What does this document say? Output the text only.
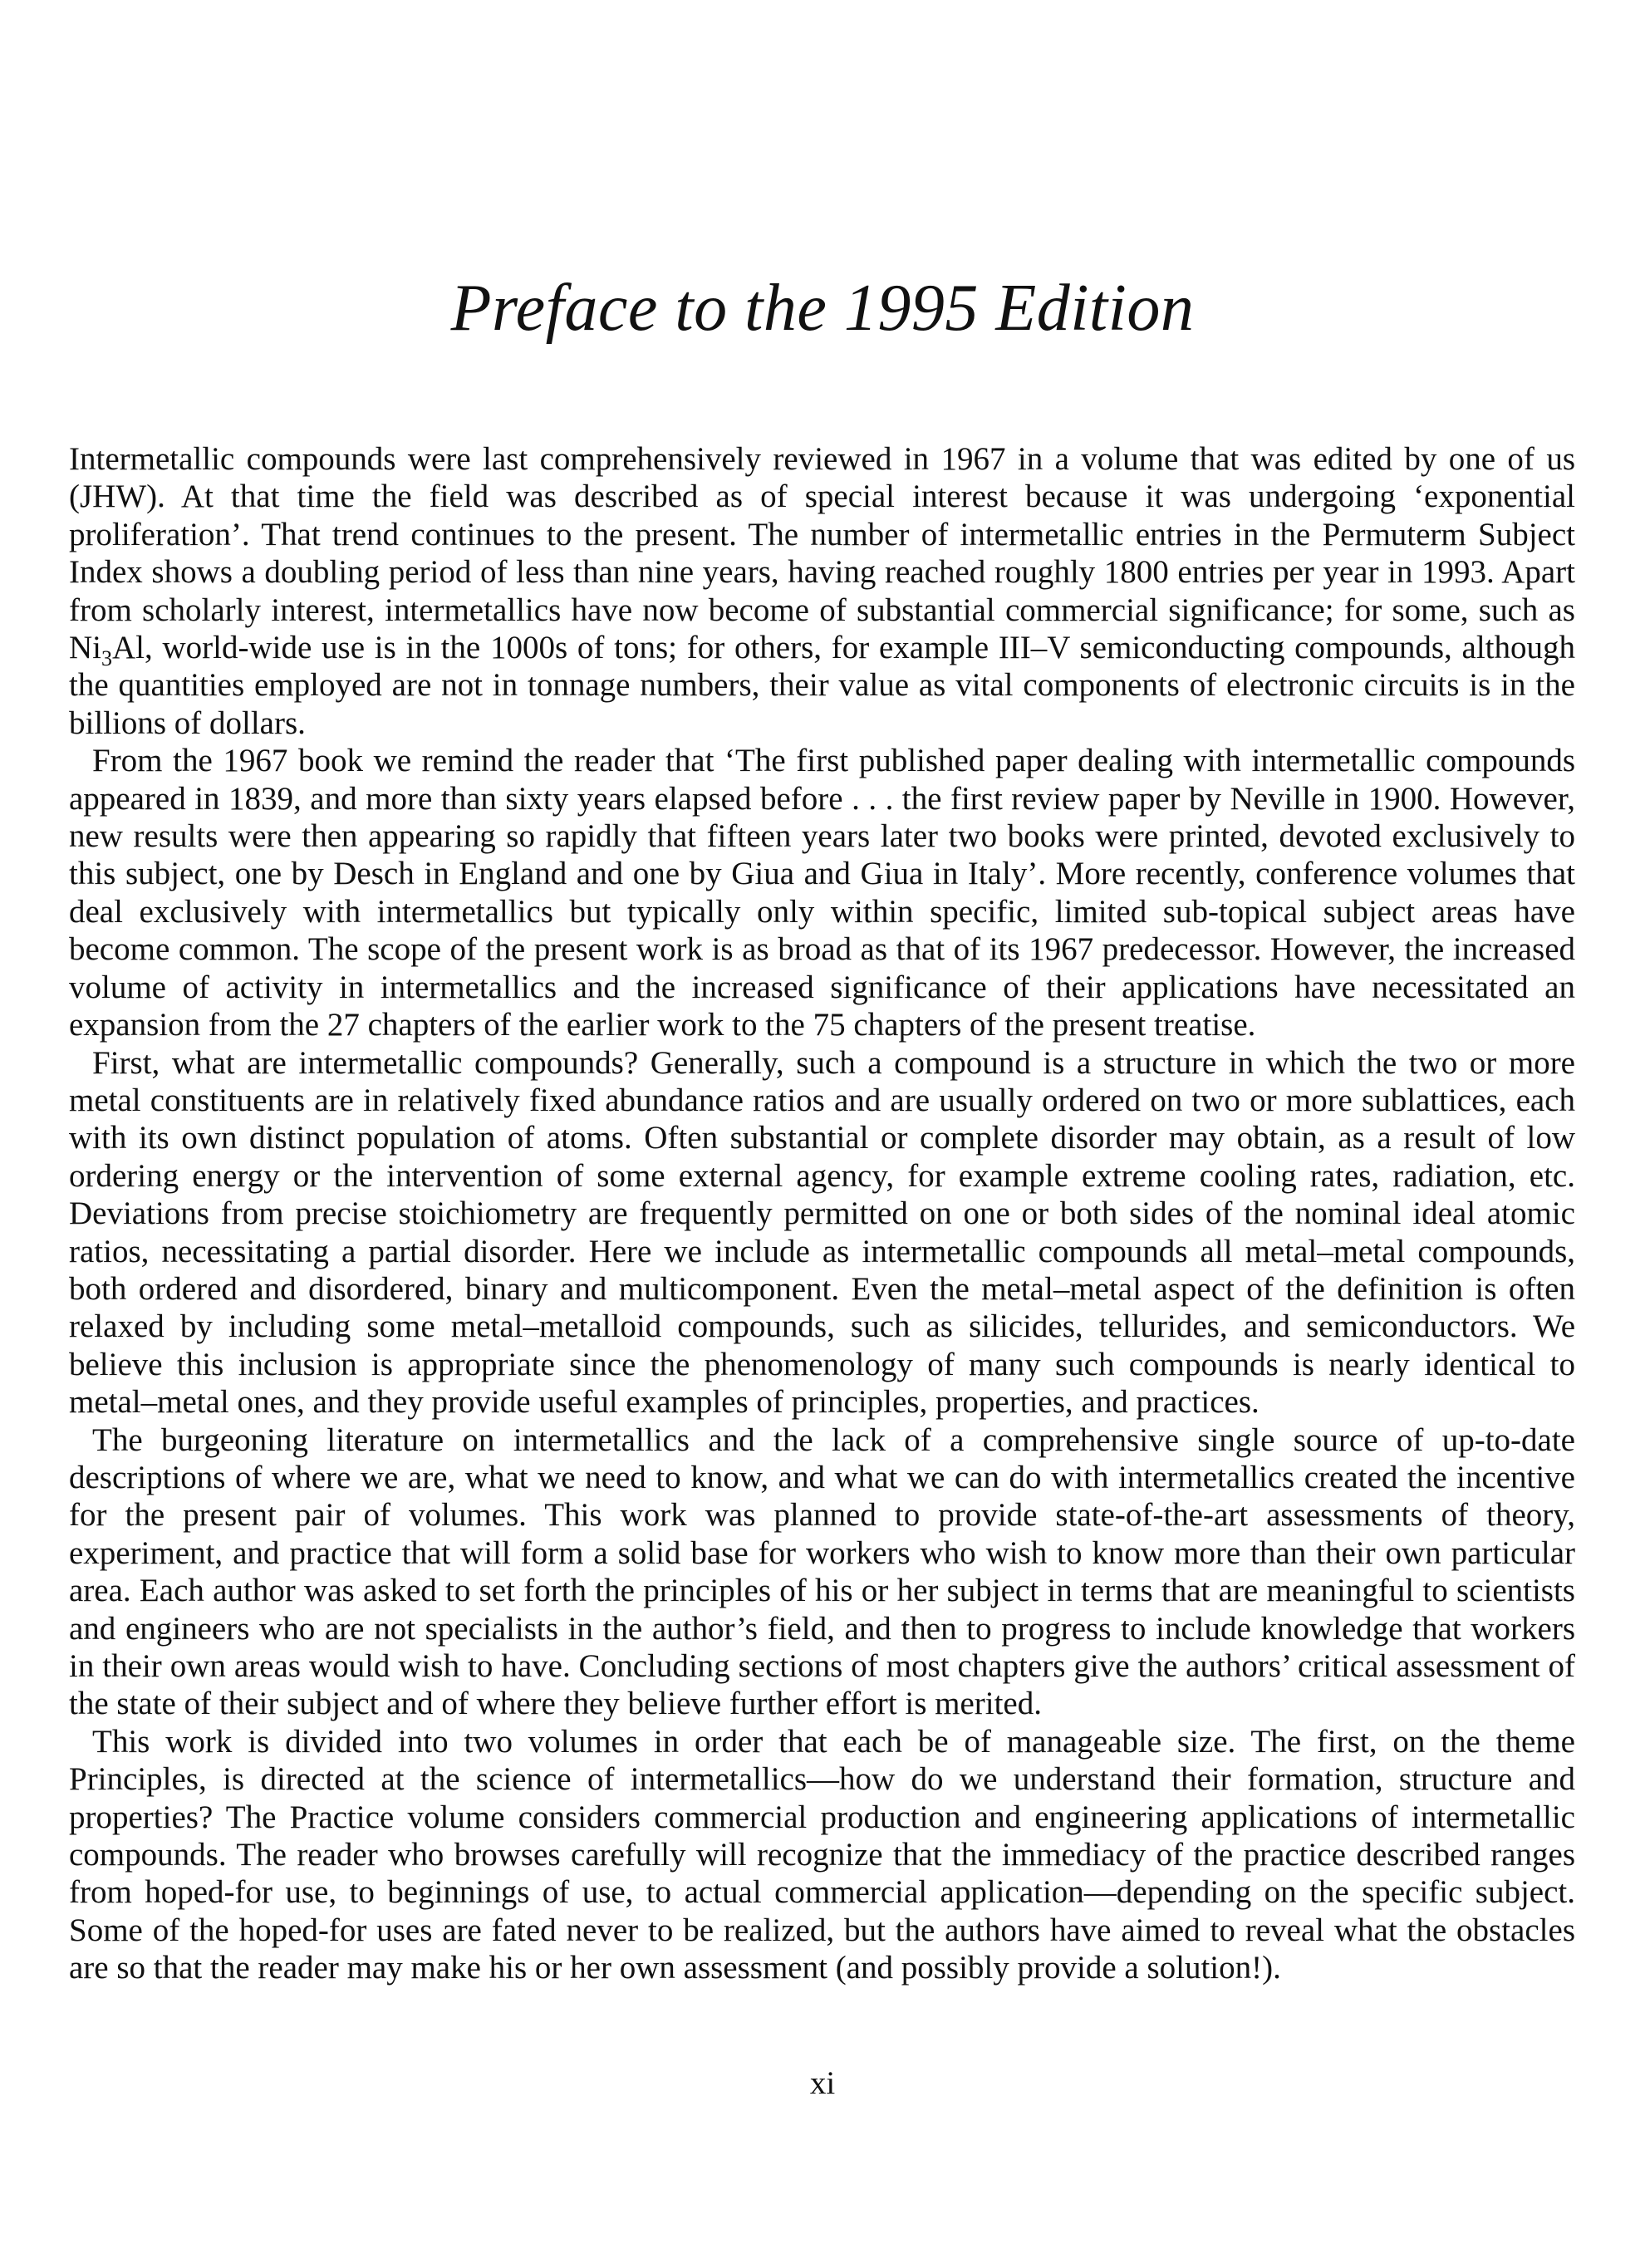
Preface to the 1995 Edition

Intermetallic compounds were last comprehensively reviewed in 1967 in a volume that was edited by one of us (JHW). At that time the field was described as of special interest because it was undergoing ‘exponential proliferation’. That trend continues to the present. The number of intermetallic entries in the Permuterm Subject Index shows a doubling period of less than nine years, having reached roughly 1800 entries per year in 1993. Apart from scholarly interest, intermetallics have now become of substantial commercial significance; for some, such as $Ni_3Al$, world-wide use is in the 1000s of tons; for others, for example III–V semiconducting compounds, although the quantities employed are not in tonnage numbers, their value as vital components of electronic circuits is in the billions of dollars.

From the 1967 book we remind the reader that ‘The first published paper dealing with intermetallic compounds appeared in 1839, and more than sixty years elapsed before . . . the first review paper by Neville in 1900. However, new results were then appearing so rapidly that fifteen years later two books were printed, devoted exclusively to this subject, one by Desch in England and one by Giua and Giua in Italy’. More recently, conference volumes that deal exclusively with intermetallics but typically only within specific, limited sub-topical subject areas have become common. The scope of the present work is as broad as that of its 1967 predecessor. However, the increased volume of activity in intermetallics and the increased significance of their applications have necessitated an expansion from the 27 chapters of the earlier work to the 75 chapters of the present treatise.

First, what are intermetallic compounds? Generally, such a compound is a structure in which the two or more metal constituents are in relatively fixed abundance ratios and are usually ordered on two or more sublattices, each with its own distinct population of atoms. Often substantial or complete disorder may obtain, as a result of low ordering energy or the intervention of some external agency, for example extreme cooling rates, radiation, etc. Deviations from precise stoichiometry are frequently permitted on one or both sides of the nominal ideal atomic ratios, necessitating a partial disorder. Here we include as intermetallic compounds all metal–metal compounds, both ordered and disordered, binary and multicomponent. Even the metal–metal aspect of the definition is often relaxed by including some metal–metalloid compounds, such as silicides, tellurides, and semiconductors. We believe this inclusion is appropriate since the phenomenology of many such compounds is nearly identical to metal–metal ones, and they provide useful examples of principles, properties, and practices.

The burgeoning literature on intermetallics and the lack of a comprehensive single source of up-to-date descriptions of where we are, what we need to know, and what we can do with intermetallics created the incentive for the present pair of volumes. This work was planned to provide state-of-the-art assessments of theory, experiment, and practice that will form a solid base for workers who wish to know more than their own particular area. Each author was asked to set forth the principles of his or her subject in terms that are meaningful to scientists and engineers who are not specialists in the author’s field, and then to progress to include knowledge that workers in their own areas would wish to have. Concluding sections of most chapters give the authors’ critical assessment of the state of their subject and of where they believe further effort is merited.

This work is divided into two volumes in order that each be of manageable size. The first, on the theme Principles, is directed at the science of intermetallics—how do we understand their formation, structure and properties? The Practice volume considers commercial production and engineering applications of intermetallic compounds. The reader who browses carefully will recognize that the immediacy of the practice described ranges from hoped-for use, to beginnings of use, to actual commercial application—depending on the specific subject. Some of the hoped-for uses are fated never to be realized, but the authors have aimed to reveal what the obstacles are so that the reader may make his or her own assessment (and possibly provide a solution!).

xi
